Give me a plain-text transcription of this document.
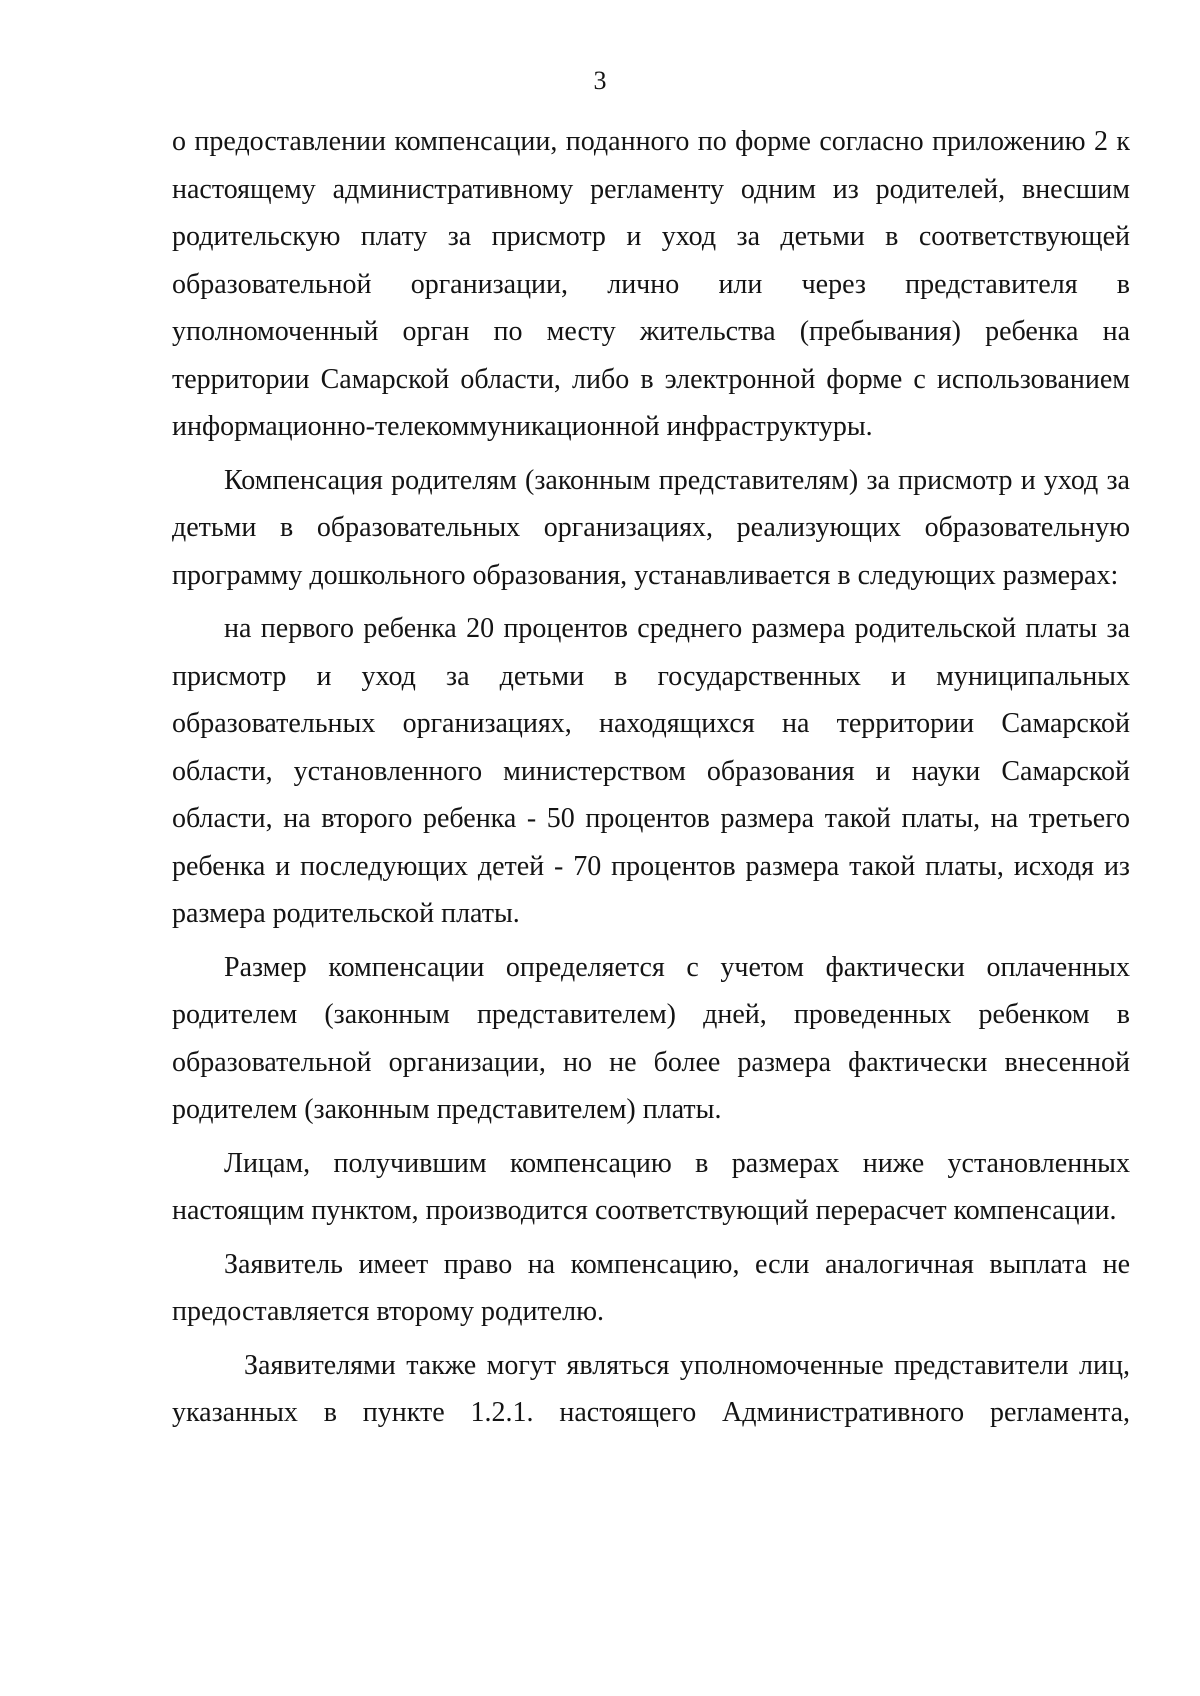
3

о предоставлении компенсации, поданного по форме согласно приложению 2 к настоящему административному регламенту одним из родителей, внесшим родительскую плату за присмотр и уход за детьми в соответствующей образовательной организации, лично или через представителя в уполномоченный орган по месту жительства (пребывания) ребенка на территории Самарской области, либо в электронной форме с использованием информационно-телекоммуникационной инфраструктуры.

Компенсация родителям (законным представителям) за присмотр и уход за детьми в образовательных организациях, реализующих образовательную программу дошкольного образования, устанавливается в следующих размерах:

на первого ребенка 20 процентов среднего размера родительской платы за присмотр и уход за детьми в государственных и муниципальных образовательных организациях, находящихся на территории Самарской области, установленного министерством образования и науки Самарской области, на второго ребенка - 50 процентов размера такой платы, на третьего ребенка и последующих детей - 70 процентов размера такой платы, исходя из размера родительской платы.

Размер компенсации определяется с учетом фактически оплаченных родителем (законным представителем) дней, проведенных ребенком в образовательной организации, но не более размера фактически внесенной родителем (законным представителем) платы.

Лицам, получившим компенсацию в размерах ниже установленных настоящим пунктом, производится соответствующий перерасчет компенсации.

Заявитель имеет право на компенсацию, если аналогичная выплата не предоставляется второму родителю.

Заявителями также могут являться уполномоченные представители лиц, указанных в пункте 1.2.1. настоящего Административного регламента,
